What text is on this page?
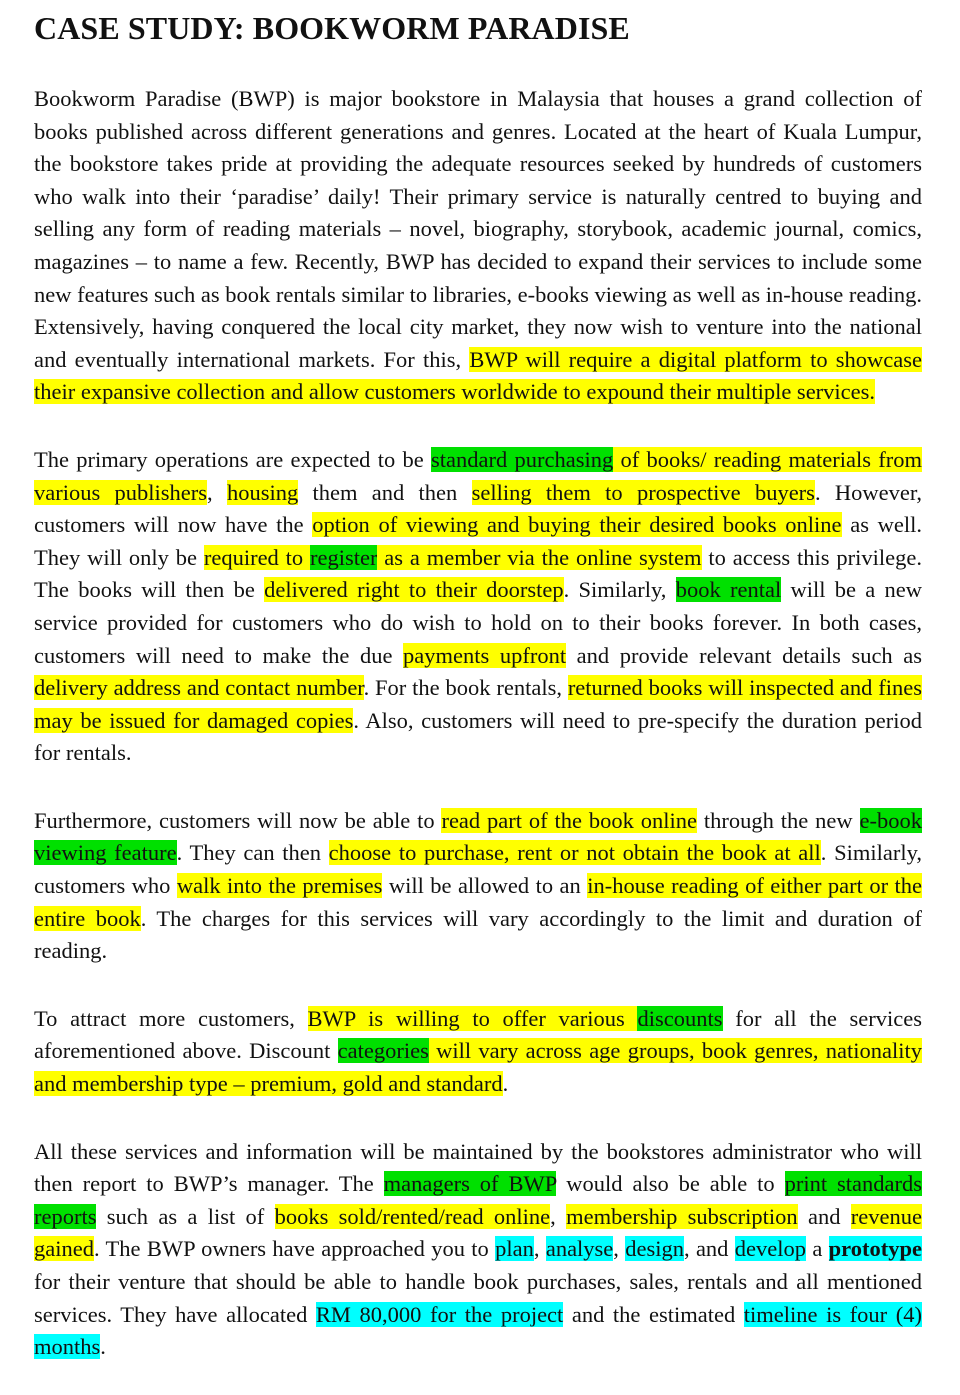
CASE STUDY: BOOKWORM PARADISE

Bookworm Paradise (BWP) is major bookstore in Malaysia that houses a grand collection of books published across different generations and genres. Located at the heart of Kuala Lumpur, the bookstore takes pride at providing the adequate resources seeked by hundreds of customers who walk into their ‘paradise’ daily! Their primary service is naturally centred to buying and selling any form of reading materials – novel, biography, storybook, academic journal, comics, magazines – to name a few. Recently, BWP has decided to expand their services to include some new features such as book rentals similar to libraries, e-books viewing as well as in-house reading. Extensively, having conquered the local city market, they now wish to venture into the national and eventually international markets. For this, BWP will require a digital platform to showcase their expansive collection and allow customers worldwide to expound their multiple services.

The primary operations are expected to be standard purchasing of books/ reading materials from various publishers, housing them and then selling them to prospective buyers. However, customers will now have the option of viewing and buying their desired books online as well. They will only be required to register as a member via the online system to access this privilege. The books will then be delivered right to their doorstep. Similarly, book rental will be a new service provided for customers who do wish to hold on to their books forever. In both cases, customers will need to make the due payments upfront and provide relevant details such as delivery address and contact number. For the book rentals, returned books will inspected and fines may be issued for damaged copies. Also, customers will need to pre-specify the duration period for rentals.

Furthermore, customers will now be able to read part of the book online through the new e-book viewing feature. They can then choose to purchase, rent or not obtain the book at all. Similarly, customers who walk into the premises will be allowed to an in-house reading of either part or the entire book. The charges for this services will vary accordingly to the limit and duration of reading.

To attract more customers, BWP is willing to offer various discounts for all the services aforementioned above. Discount categories will vary across age groups, book genres, nationality and membership type – premium, gold and standard.

All these services and information will be maintained by the bookstores administrator who will then report to BWP’s manager. The managers of BWP would also be able to print standards reports such as a list of books sold/rented/read online, membership subscription and revenue gained. The BWP owners have approached you to plan, analyse, design, and develop a prototype for their venture that should be able to handle book purchases, sales, rentals and all mentioned services. They have allocated RM 80,000 for the project and the estimated timeline is four (4) months.
